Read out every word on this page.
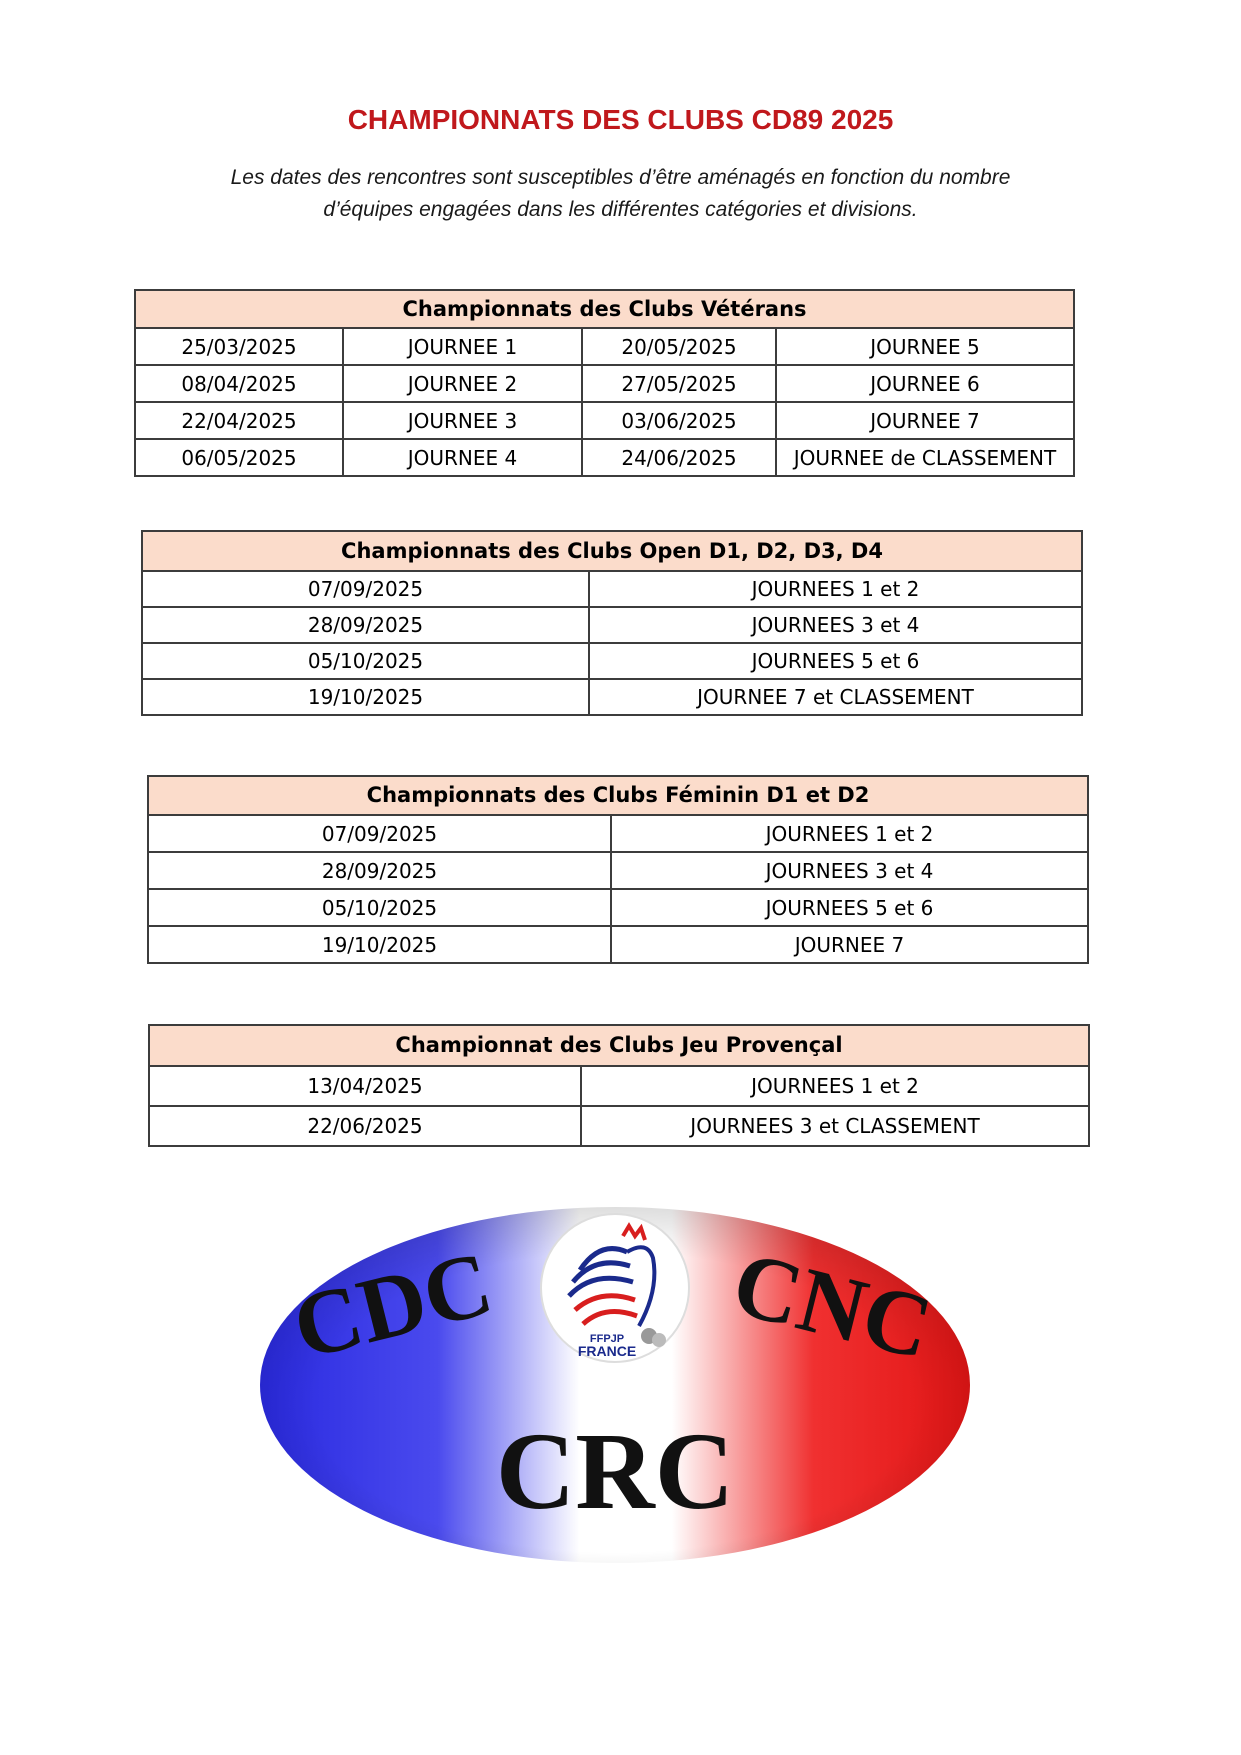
CHAMPIONNATS DES CLUBS CD89 2025
Les dates des rencontres sont susceptibles d’être aménagés en fonction du nombre
d’équipes engagées dans les différentes catégories et divisions.
Championnats des Clubs Vétérans			
25/03/2025	JOURNEE 1	20/05/2025	JOURNEE 5
08/04/2025	JOURNEE 2	27/05/2025	JOURNEE 6
22/04/2025	JOURNEE 3	03/06/2025	JOURNEE 7
06/05/2025	JOURNEE 4	24/06/2025	JOURNEE de CLASSEMENT
Championnats des Clubs Open D1, D2, D3, D4	
07/09/2025	JOURNEES 1 et 2
28/09/2025	JOURNEES 3 et 4
05/10/2025	JOURNEES 5 et 6
19/10/2025	JOURNEE 7 et CLASSEMENT
Championnats des Clubs Féminin D1 et D2	
07/09/2025	JOURNEES 1 et 2
28/09/2025	JOURNEES 3 et 4
05/10/2025	JOURNEES 5 et 6
19/10/2025	JOURNEE 7
Championnat des Clubs Jeu Provençal	
13/04/2025	JOURNEES 1 et 2
22/06/2025	JOURNEES 3 et CLASSEMENT
CDC CNC
CRC
FFPJP
FRANCE
